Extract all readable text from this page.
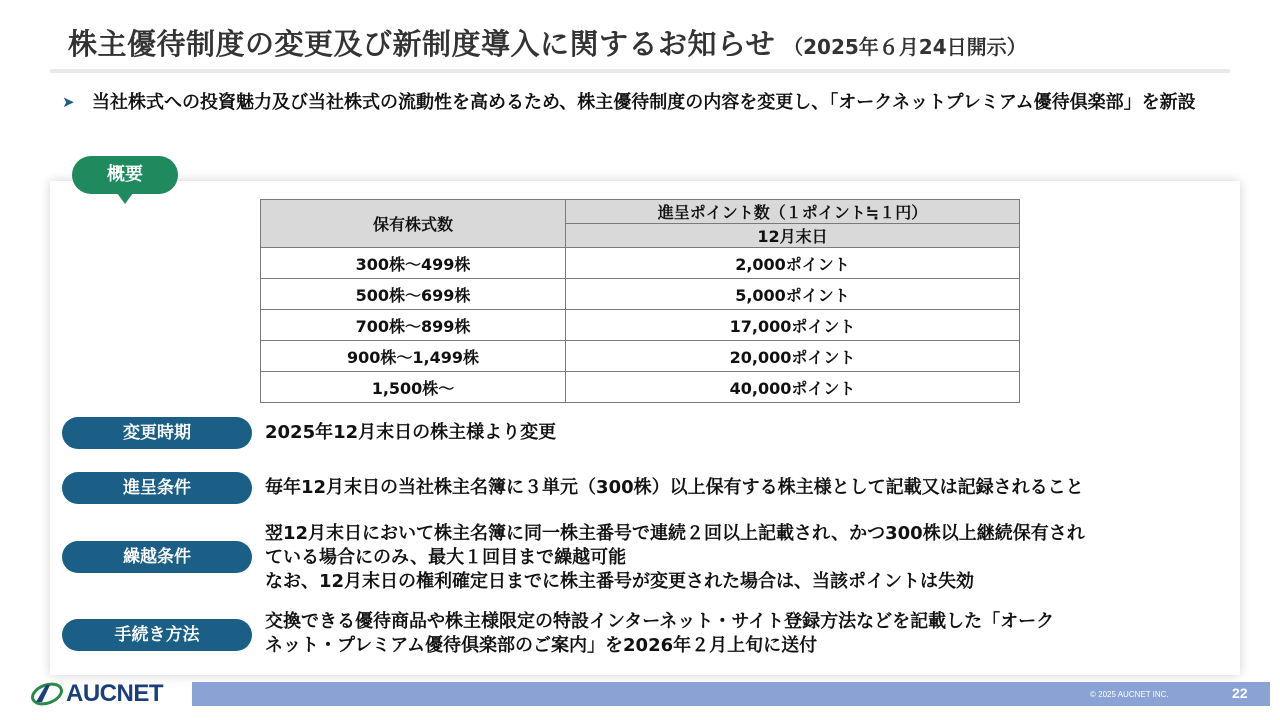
株主優待制度の変更及び新制度導入に関するお知らせ （2025年６月24日開示）
➤ 当社株式への投資魅力及び当社株式の流動性を高めるため、株主優待制度の内容を変更し、「オークネットプレミアム優待倶楽部」を新設
概要
保有株式数	進呈ポイント数（１ポイント≒１円）
	12月末日
300株～499株	2,000ポイント
500株～699株	5,000ポイント
700株～899株	17,000ポイント
900株～1,499株	20,000ポイント
1,500株～	40,000ポイント
変更時期	2025年12月末日の株主様より変更
進呈条件	毎年12月末日の当社株主名簿に３単元（300株）以上保有する株主様として記載又は記録されること
繰越条件
翌12月末日において株主名簿に同一株主番号で連続２回以上記載され、かつ300株以上継続保有され
ている場合にのみ、最大１回目まで繰越可能
なお、12月末日の権利確定日までに株主番号が変更された場合は、当該ポイントは失効
手続き方法
交換できる優待商品や株主様限定の特設インターネット・サイト登録方法などを記載した「オーク
ネット・プレミアム優待倶楽部のご案内」を2026年２月上旬に送付
AUCNET	© 2025 AUCNET INC.	22
